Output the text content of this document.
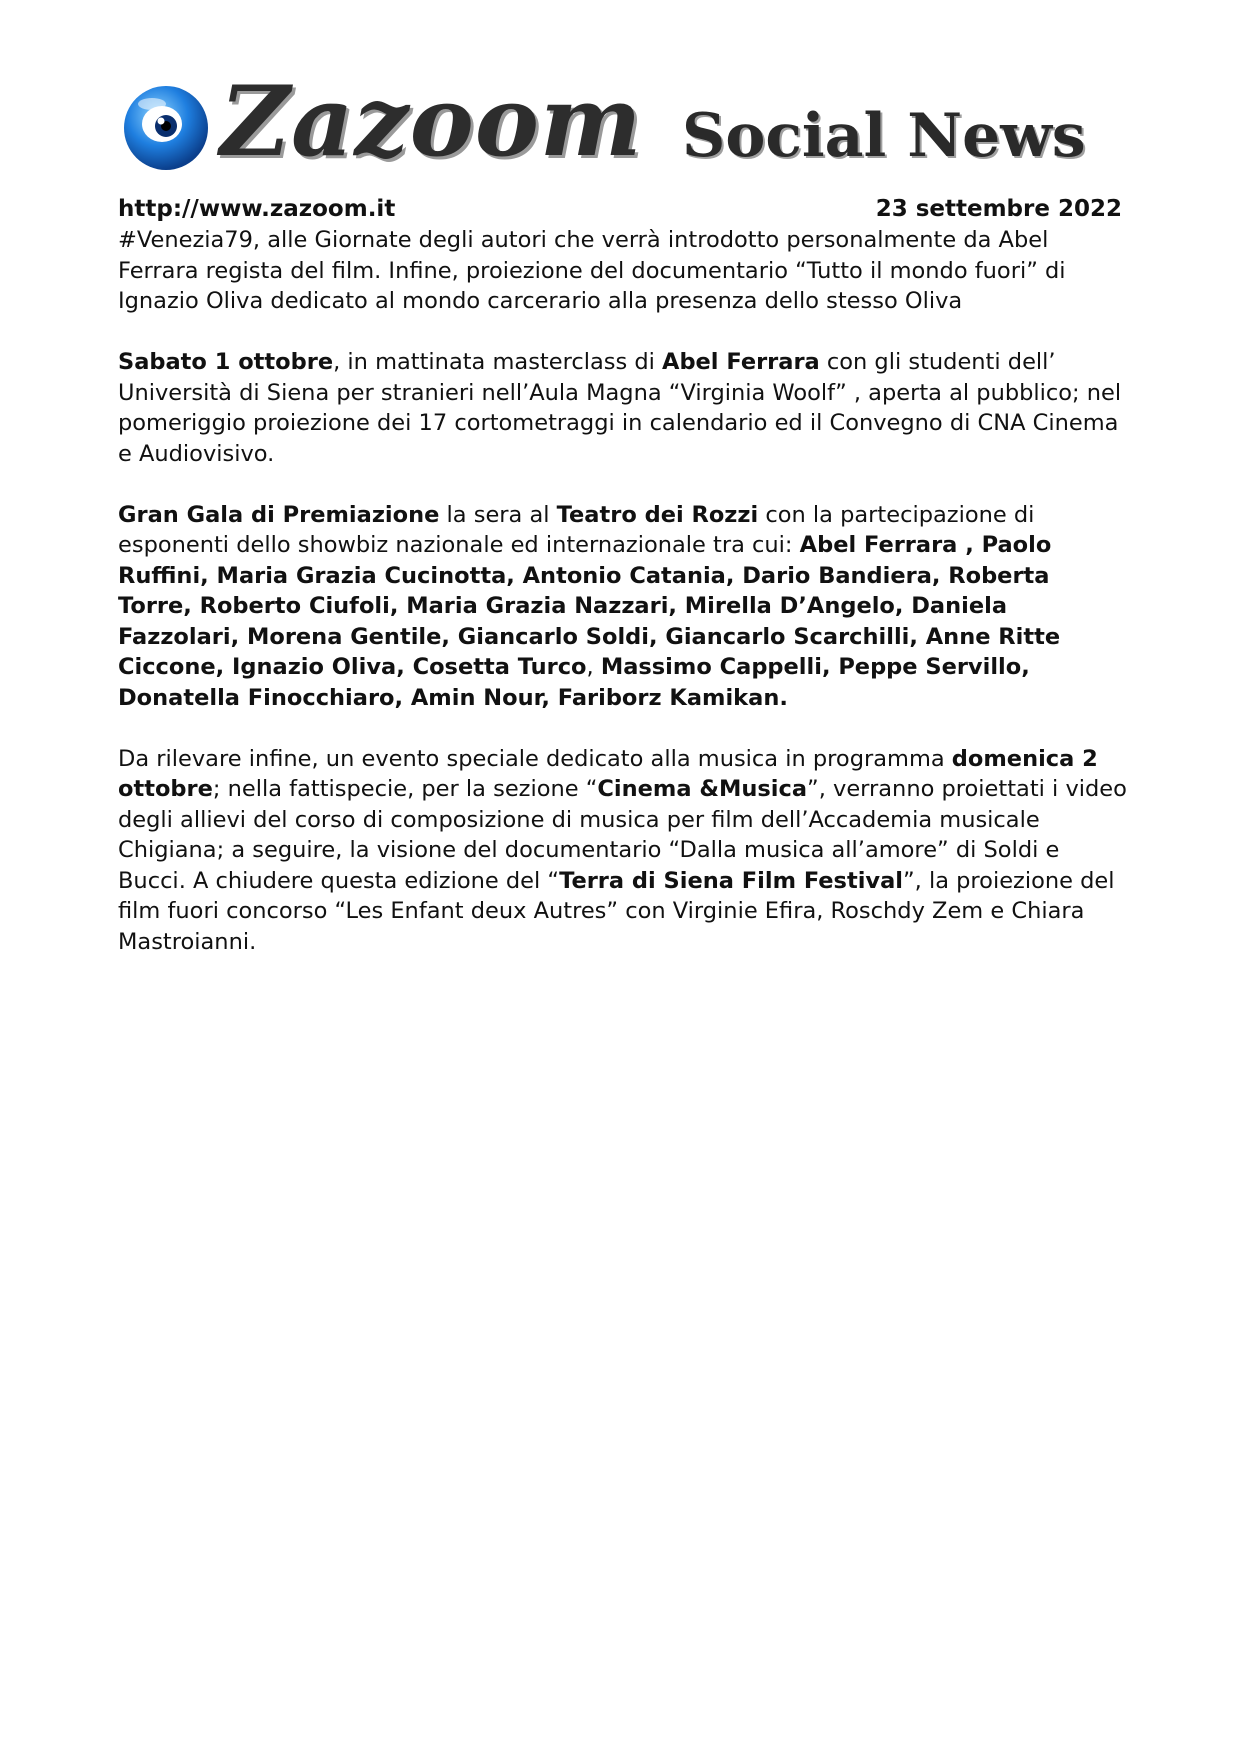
Zazoom Social News
http://www.zazoom.it	23 settembre 2022

#Venezia79, alle Giornate degli autori che verrà introdotto personalmente da Abel Ferrara regista del film. Infine, proiezione del documentario “Tutto il mondo fuori” di Ignazio Oliva dedicato al mondo carcerario alla presenza dello stesso Oliva

Sabato 1 ottobre, in mattinata masterclass di Abel Ferrara con gli studenti dell’ Università di Siena per stranieri nell’Aula Magna “Virginia Woolf” , aperta al pubblico; nel pomeriggio proiezione dei 17 cortometraggi in calendario ed il Convegno di CNA Cinema e Audiovisivo.

Gran Gala di Premiazione la sera al Teatro dei Rozzi con la partecipazione di esponenti dello showbiz nazionale ed internazionale tra cui: Abel Ferrara , Paolo Ruffini, Maria Grazia Cucinotta, Antonio Catania, Dario Bandiera, Roberta Torre, Roberto Ciufoli, Maria Grazia Nazzari, Mirella D’Angelo, Daniela Fazzolari, Morena Gentile, Giancarlo Soldi, Giancarlo Scarchilli, Anne Ritte Ciccone, Ignazio Oliva, Cosetta Turco, Massimo Cappelli, Peppe Servillo, Donatella Finocchiaro, Amin Nour, Fariborz Kamikan.

Da rilevare infine, un evento speciale dedicato alla musica in programma domenica 2 ottobre; nella fattispecie, per la sezione “Cinema &Musica”, verranno proiettati i video degli allievi del corso di composizione di musica per film dell’Accademia musicale Chigiana; a seguire, la visione del documentario “Dalla musica all’amore” di Soldi e Bucci. A chiudere questa edizione del “Terra di Siena Film Festival”, la proiezione del film fuori concorso “Les Enfant deux Autres” con Virginie Efira, Roschdy Zem e Chiara Mastroianni.
